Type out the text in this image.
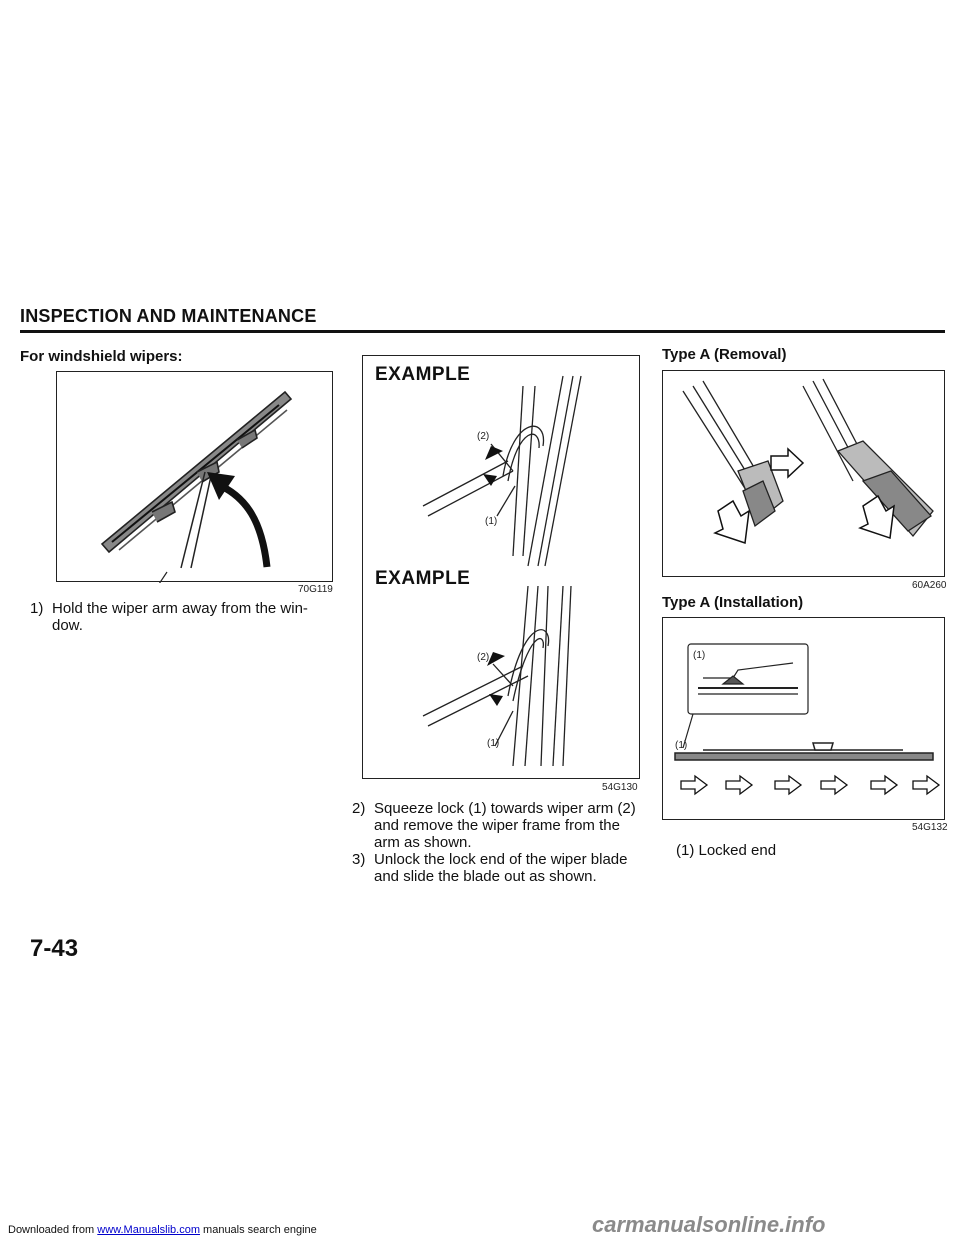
Downloaded from www.Manualslib.com manuals search engine	carmanualsonline.info
INSPECTION AND MAINTENANCE
For windshield wipers:
70G119
1) Hold the wiper arm away from the win-
dow.
EXAMPLE
EXAMPLE
(2)
(1)
(2)
(1)
54G130
2) Squeeze lock (1) towards wiper arm (2)
and remove the wiper frame from the
arm as shown.
3) Unlock the lock end of the wiper blade
and slide the blade out as shown.
Type A (Removal)
60A260
Type A (Installation)
(1)
(1)
54G132
(1) Locked end
7-43
